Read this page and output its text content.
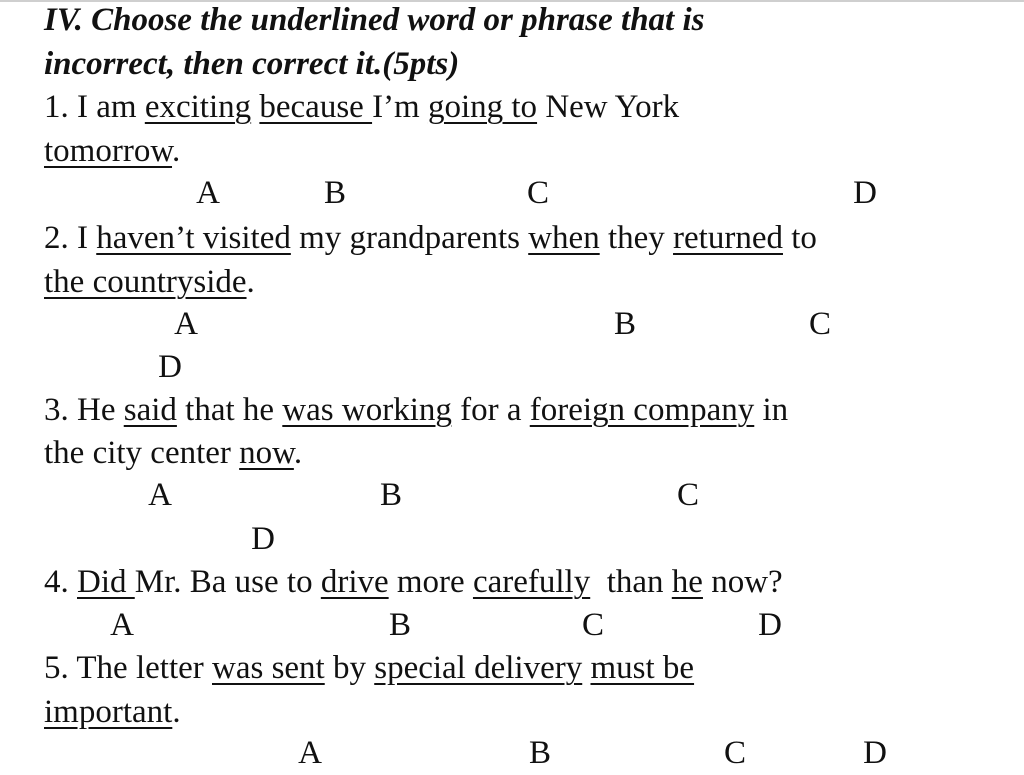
IV. Choose the underlined word or phrase that is
incorrect, then correct it.(5pts)
1. I am exciting because I’m going to New York
tomorrow.
A	B	C	D
2. I haven’t visited my grandparents when they returned to
the countryside.
A	B	C
D
3. He said that he was working for a foreign company in
the city center now.
A	B	C
D
4. Did Mr. Ba use to drive more carefully  than he now?
A	B	C	D
5. The letter was sent by special delivery must be
important.
A	B	C	D
